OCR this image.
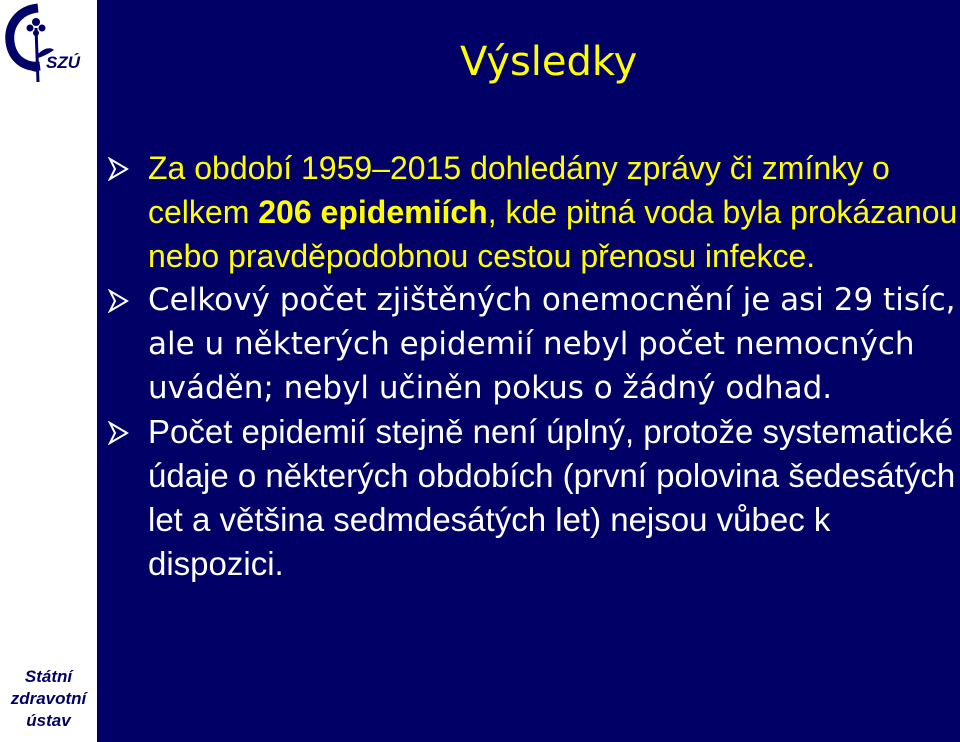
SZÚ
Státní
zdravotní
ústav
Výsledky
Za období 1959–2015 dohledány zprávy či zmínky o celkem 206 epidemiích, kde pitná voda byla prokázanou nebo pravděpodobnou cestou přenosu infekce.
Celkový počet zjištěných onemocnění je asi 29 tisíc, ale u některých epidemií nebyl počet nemocných uváděn; nebyl učiněn pokus o žádný odhad.
Počet epidemií stejně není úplný, protože systematické údaje o některých obdobích (první polovina šedesátých let a většina sedmdesátých let) nejsou vůbec k dispozici.
